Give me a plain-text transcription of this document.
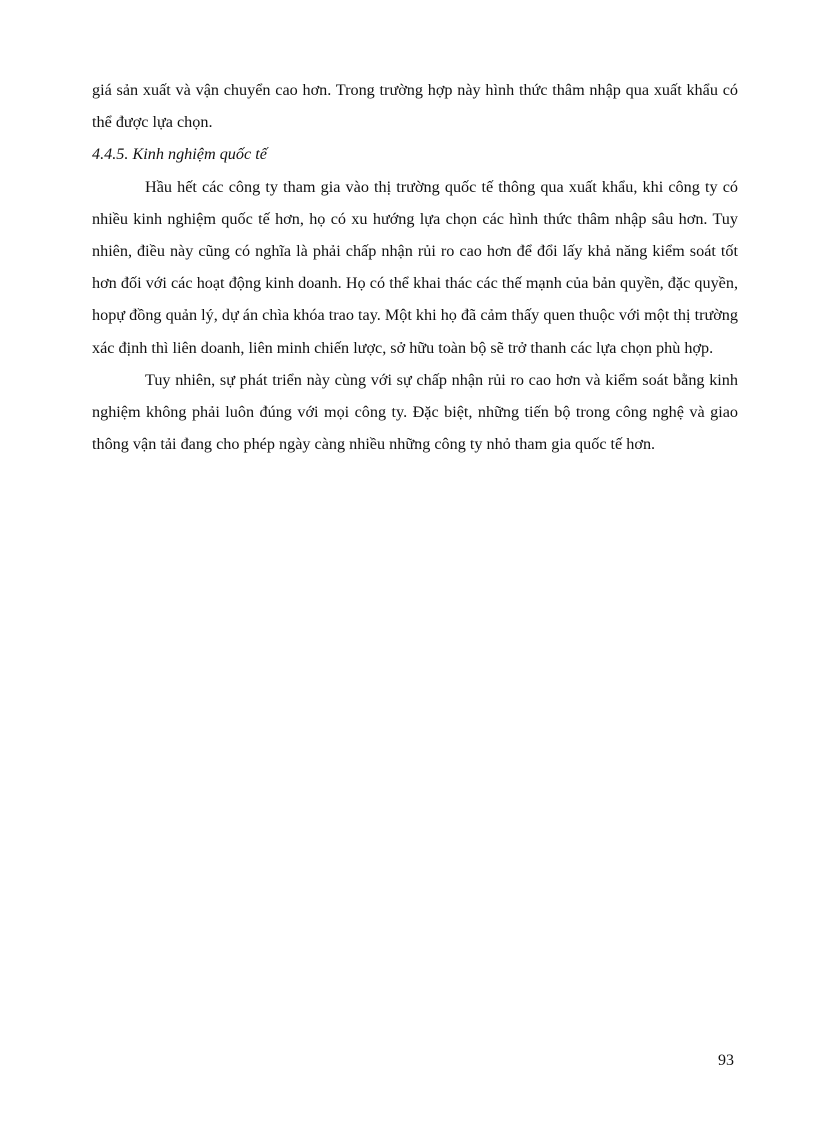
giá sản xuất và vận chuyển cao hơn. Trong trường hợp này hình thức thâm nhập qua xuất khẩu có thể được lựa chọn.

4.4.5. Kinh nghiệm quốc tế

Hầu hết các công ty tham gia vào thị trường quốc tế thông qua xuất khẩu, khi công ty có nhiều kinh nghiệm quốc tế hơn, họ có xu hướng lựa chọn các hình thức thâm nhập sâu hơn. Tuy nhiên, điều này cũng có nghĩa là phải chấp nhận rủi ro cao hơn để đổi lấy khả năng kiểm soát tốt hơn đối với các hoạt động kinh doanh. Họ có thể khai thác các thế mạnh của bản quyền, đặc quyền, hopự đồng quản lý, dự án chìa khóa trao tay. Một khi họ đã cảm thấy quen thuộc với một thị trường xác định thì liên doanh, liên minh chiến lược, sở hữu toàn bộ sẽ trở thanh các lựa chọn phù hợp.

Tuy nhiên, sự phát triển này cùng với sự chấp nhận rủi ro cao hơn và kiểm soát bằng kinh nghiệm không phải luôn đúng với mọi công ty. Đặc biệt, những tiến bộ trong công nghệ và giao thông vận tải đang cho phép ngày càng nhiều những công ty nhỏ tham gia quốc tế hơn.

93
